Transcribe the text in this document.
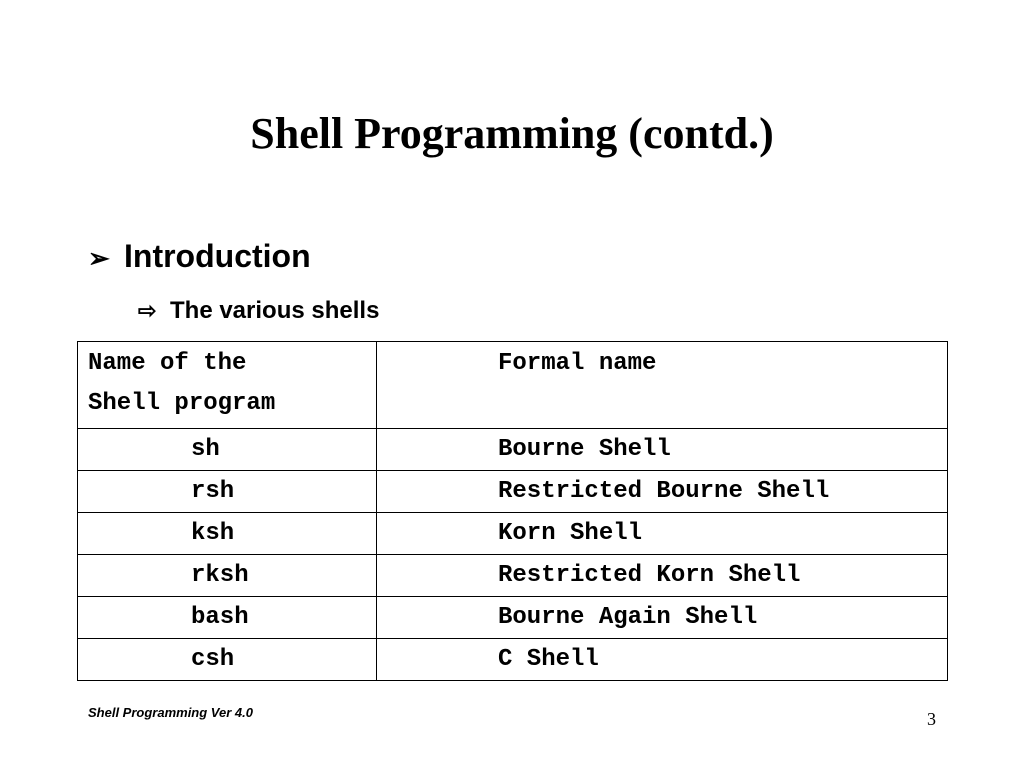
Shell Programming (contd.)
➢ Introduction
⇨ The various shells
Name of the
Shell program	Formal name

sh	Bourne Shell

rsh	Restricted Bourne Shell

ksh	Korn Shell

rksh	Restricted Korn Shell

bash	Bourne Again Shell

csh	C Shell
Shell Programming Ver 4.0	3
